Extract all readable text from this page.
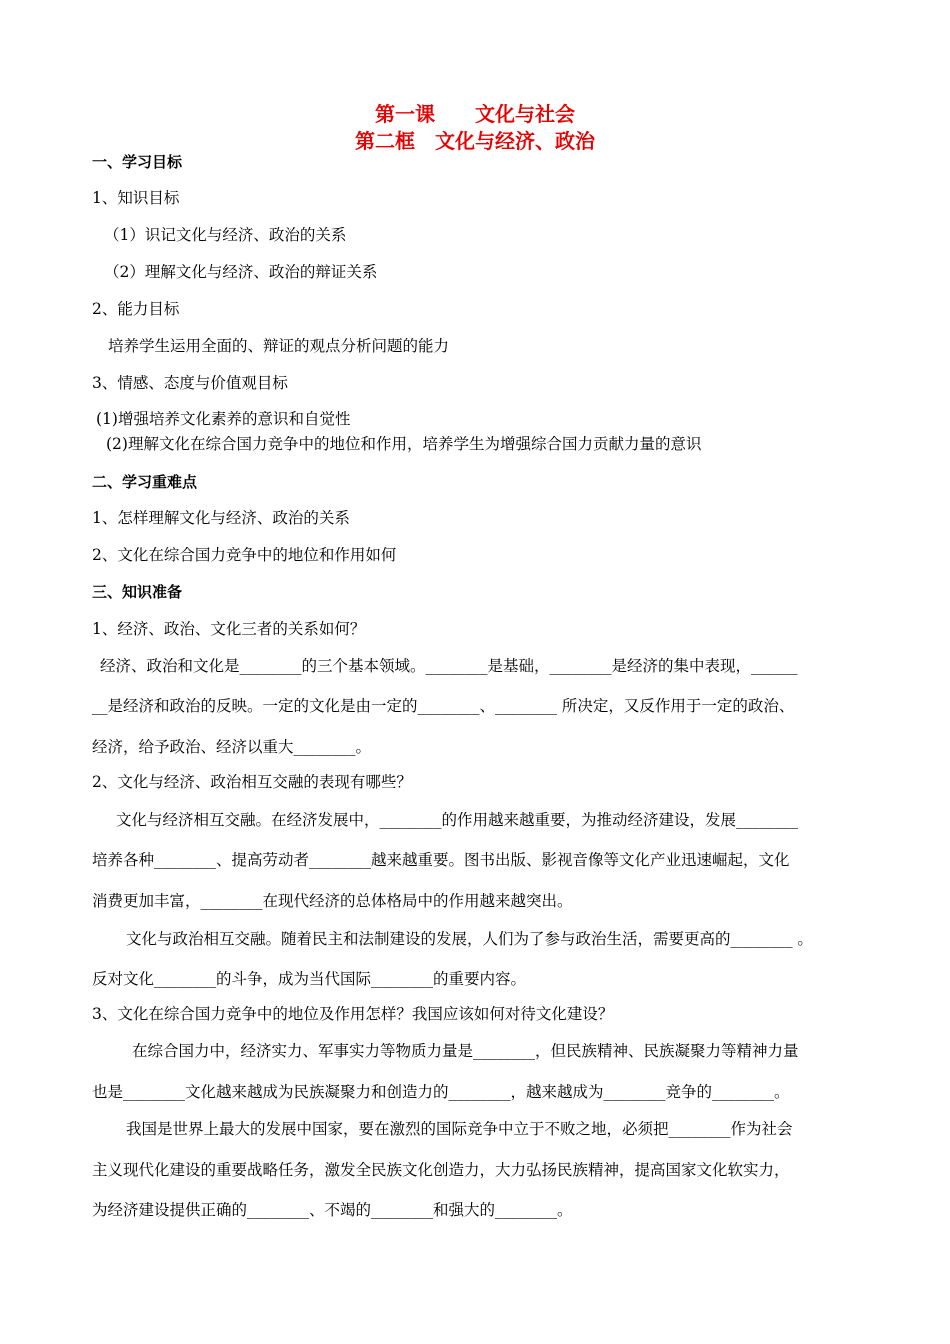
第一课　　文化与社会
第二框　文化与经济、政治
一、学习目标
1、知识目标
（1）识记文化与经济、政治的关系
（2）理解文化与经济、政治的辩证关系
2、能力目标
培养学生运用全面的、辩证的观点分析问题的能力
3、情感、态度与价值观目标
(1)增强培养文化素养的意识和自觉性
(2)理解文化在综合国力竞争中的地位和作用，培养学生为增强综合国力贡献力量的意识
二、学习重难点
1、怎样理解文化与经济、政治的关系
2、文化在综合国力竞争中的地位和作用如何
三、知识准备
1、经济、政治、文化三者的关系如何？
经济、政治和文化是________的三个基本领域。________是基础，________是经济的集中表现，______
__是经济和政治的反映。一定的文化是由一定的________、________ 所决定，又反作用于一定的政治、
经济，给予政治、经济以重大________。
2、文化与经济、政治相互交融的表现有哪些？
文化与经济相互交融。在经济发展中，________的作用越来越重要，为推动经济建设，发展________
培养各种________、提高劳动者________越来越重要。图书出版、影视音像等文化产业迅速崛起，文化
消费更加丰富，________在现代经济的总体格局中的作用越来越突出。
文化与政治相互交融。随着民主和法制建设的发展，人们为了参与政治生活，需要更高的________ 。
反对文化________的斗争，成为当代国际________的重要内容。
3、文化在综合国力竞争中的地位及作用怎样？我国应该如何对待文化建设？
在综合国力中，经济实力、军事实力等物质力量是________，但民族精神、民族凝聚力等精神力量
也是________文化越来越成为民族凝聚力和创造力的________，越来越成为________竞争的________。
我国是世界上最大的发展中国家，要在激烈的国际竞争中立于不败之地，必须把________作为社会
主义现代化建设的重要战略任务，激发全民族文化创造力，大力弘扬民族精神，提高国家文化软实力，
为经济建设提供正确的________、不竭的________和强大的________。
